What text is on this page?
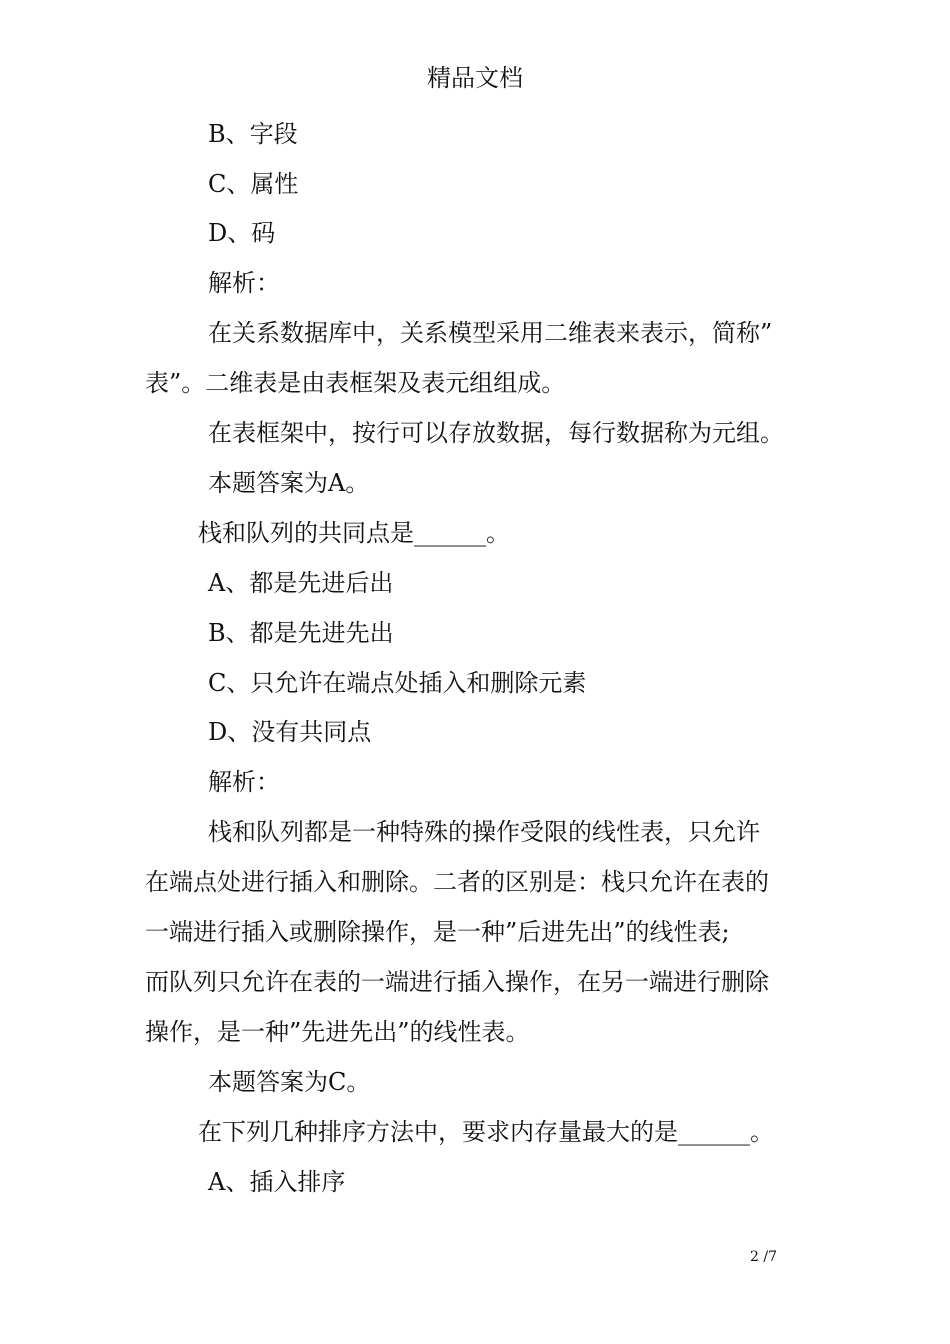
精品文档
B、字段
C、属性
D、码
解析：
在关系数据库中，关系模型采用二维表来表示，简称”
表”。二维表是由表框架及表元组组成。
在表框架中，按行可以存放数据，每行数据称为元组。
本题答案为A。
栈和队列的共同点是______。
A、都是先进后出
B、都是先进先出
C、只允许在端点处插入和删除元素
D、没有共同点
解析：
栈和队列都是一种特殊的操作受限的线性表，只允许
在端点处进行插入和删除。二者的区别是：栈只允许在表的
一端进行插入或删除操作，是一种”后进先出”的线性表;
而队列只允许在表的一端进行插入操作，在另一端进行删除
操作，是一种”先进先出”的线性表。
本题答案为C。
在下列几种排序方法中，要求内存量最大的是______。
A、插入排序
2 /7
